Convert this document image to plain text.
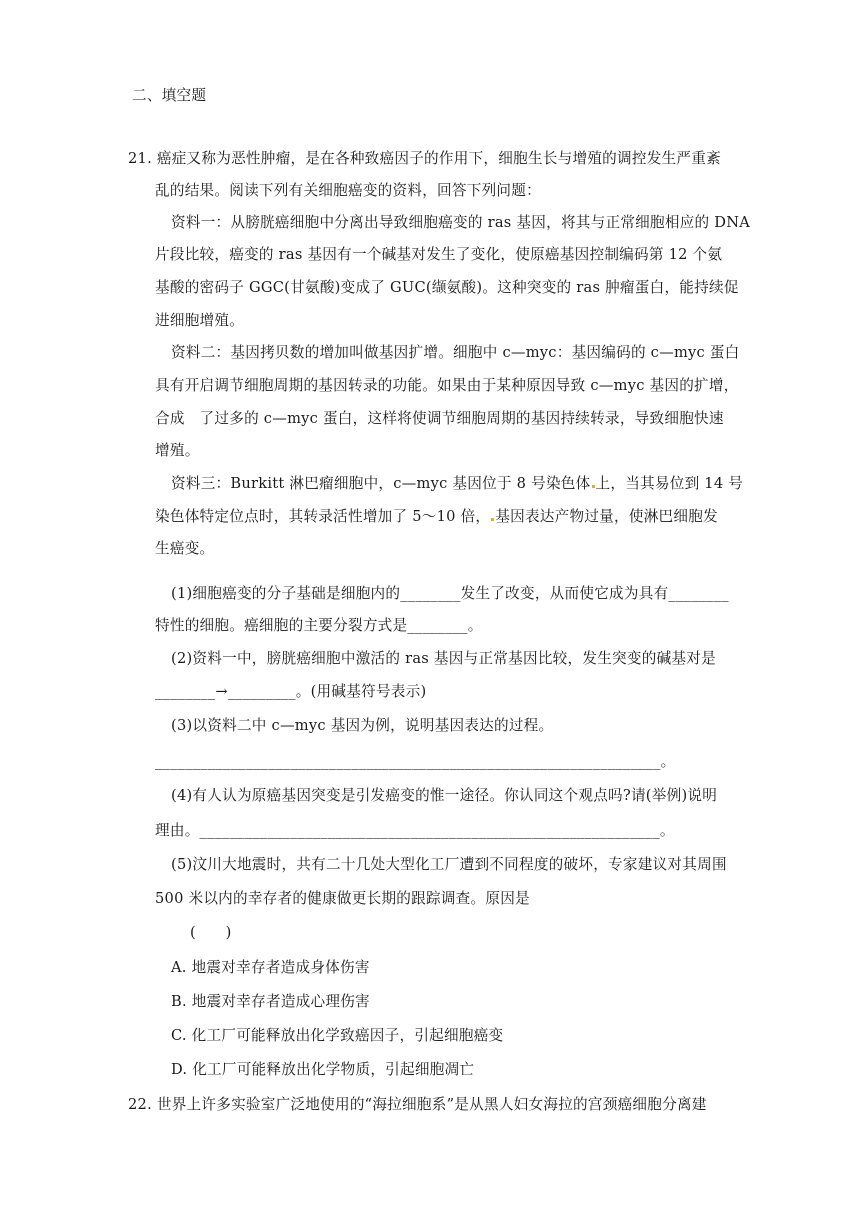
二、填空题
21. 癌症又称为恶性肿瘤，是在各种致癌因子的作用下，细胞生长与增殖的调控发生严重紊
乱的结果。阅读下列有关细胞癌变的资料，回答下列问题：
资料一：从膀胱癌细胞中分离出导致细胞癌变的 ras 基因，将其与正常细胞相应的 DNA
片段比较，癌变的 ras 基因有一个碱基对发生了变化，使原癌基因控制编码第 12 个氨
基酸的密码子 GGC(甘氨酸)变成了 GUC(缬氨酸)。这种突变的 ras 肿瘤蛋白，能持续促
进细胞增殖。
资料二：基因拷贝数的增加叫做基因扩增。细胞中 c—myc：基因编码的 c—myc 蛋白
具有开启调节细胞周期的基因转录的功能。如果由于某种原因导致 c—myc 基因的扩增，
合成　了过多的 c—myc 蛋白，这样将使调节细胞周期的基因持续转录，导致细胞快速
增殖。
资料三：Burkitt 淋巴瘤细胞中，c—myc 基因位于 8 号染色体 上，当其易位到 14 号
染色体特定位点时，其转录活性增加了 5～10 倍， 基因表达产物过量，使淋巴细胞发
生癌变。
(1)细胞癌变的分子基础是细胞内的________发生了改变，从而使它成为具有________
特性的细胞。癌细胞的主要分裂方式是________。
(2)资料一中，膀胱癌细胞中激活的 ras 基因与正常基因比较，发生突变的碱基对是
________→_________。(用碱基符号表示)
(3)以资料二中 c—myc 基因为例，说明基因表达的过程。
___________________________________________________________________。
(4)有人认为原癌基因突变是引发癌变的惟一途径。你认同这个观点吗?请(举例)说明
理由。_____________________________________________________________。
(5)汶川大地震时，共有二十几处大型化工厂遭到不同程度的破坏，专家建议对其周围
500 米以内的幸存者的健康做更长期的跟踪调查。原因是
(　　)
A. 地震对幸存者造成身体伤害
B. 地震对幸存者造成心理伤害
C. 化工厂可能释放出化学致癌因子，引起细胞癌变
D. 化工厂可能释放出化学物质，引起细胞凋亡
22. 世界上许多实验室广泛地使用的“海拉细胞系”是从黑人妇女海拉的宫颈癌细胞分离建
